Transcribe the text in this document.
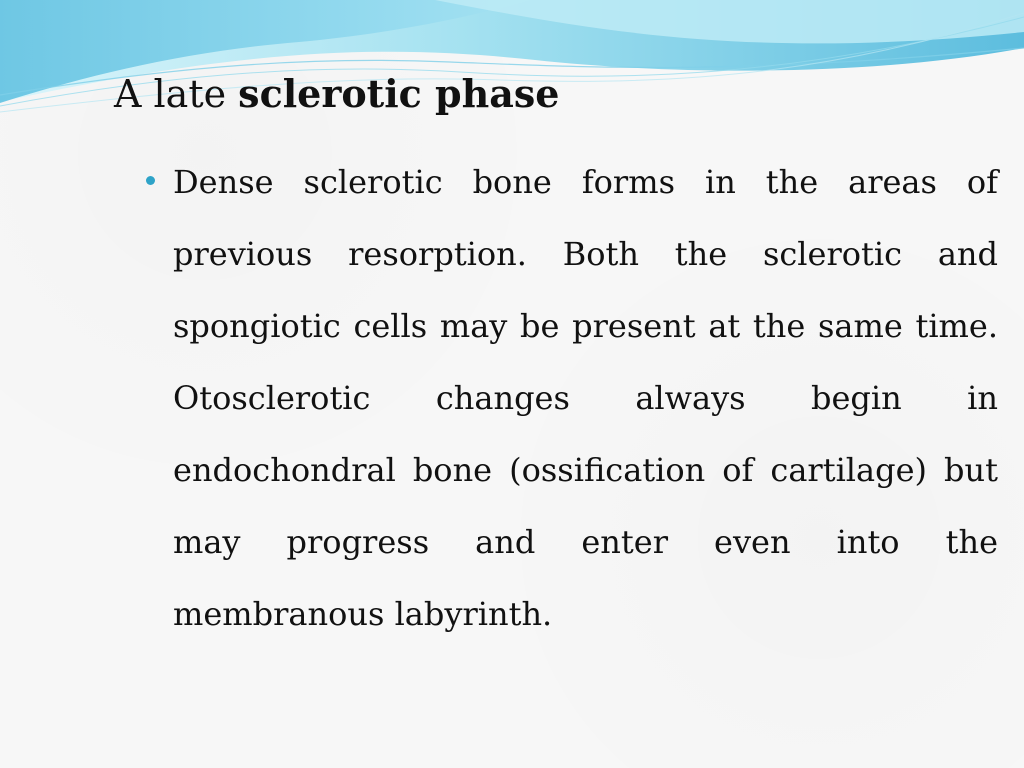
A late sclerotic phase

Dense sclerotic bone forms in the areas of previous resorption. Both the sclerotic and spongiotic cells may be present at the same time. Otosclerotic changes always begin in endochondral bone (ossification of cartilage) but may progress and enter even into the membranous labyrinth.
